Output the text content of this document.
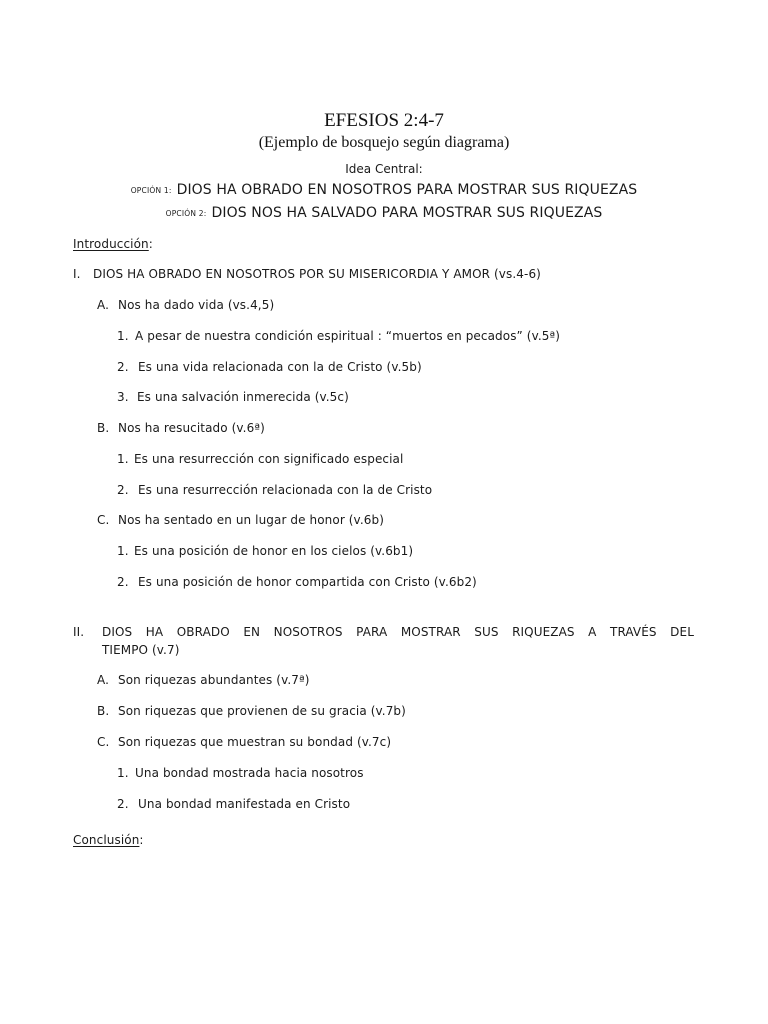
EFESIOS 2:4-7
(Ejemplo de bosquejo según diagrama)
Idea Central:
OPCIÓN 1: DIOS HA OBRADO EN NOSOTROS PARA MOSTRAR SUS RIQUEZAS
OPCIÓN 2: DIOS NOS HA SALVADO PARA MOSTRAR SUS RIQUEZAS
Introducción:
I. DIOS HA OBRADO EN NOSOTROS POR SU MISERICORDIA Y AMOR (vs.4-6)
A. Nos ha dado vida (vs.4,5)
1. A pesar de nuestra condición espiritual : “muertos en pecados” (v.5ª)
2. Es una vida relacionada con la de Cristo (v.5b)
3. Es una salvación inmerecida (v.5c)
B. Nos ha resucitado (v.6ª)
1. Es una resurrección con significado especial
2. Es una resurrección relacionada con la de Cristo
C. Nos ha sentado en un lugar de honor (v.6b)
1. Es una posición de honor en los cielos (v.6b1)
2. Es una posición de honor compartida con Cristo (v.6b2)
II. DIOS HA OBRADO EN NOSOTROS PARA MOSTRAR SUS RIQUEZAS A TRAVÉS DEL
TIEMPO (v.7)
A. Son riquezas abundantes (v.7ª)
B. Son riquezas que provienen de su gracia (v.7b)
C. Son riquezas que muestran su bondad (v.7c)
1. Una bondad mostrada hacia nosotros
2. Una bondad manifestada en Cristo
Conclusión:
